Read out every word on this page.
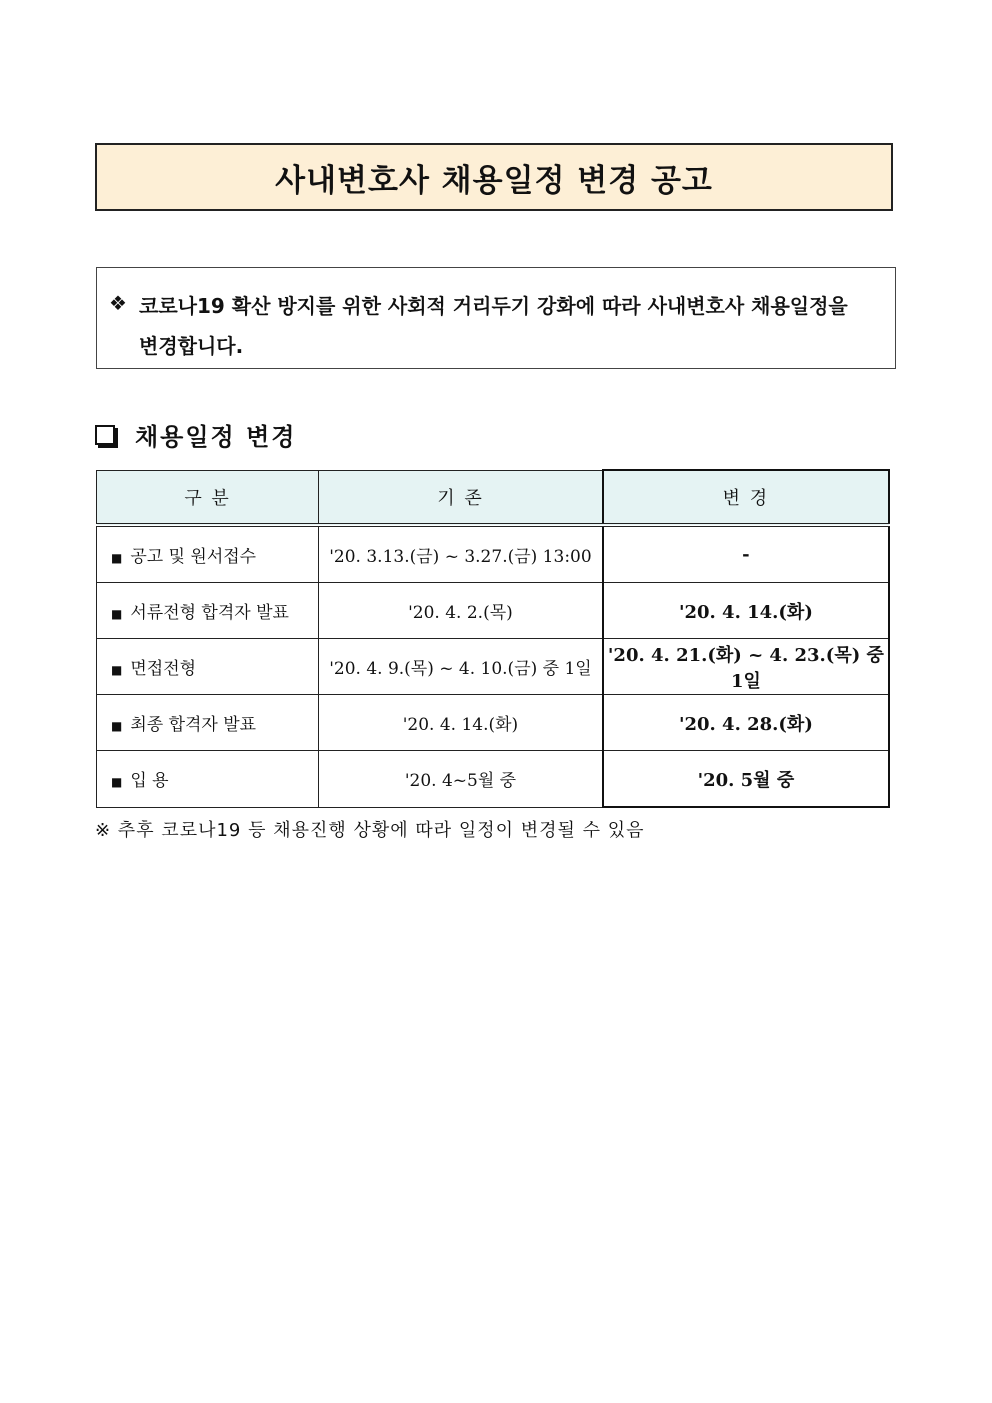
사내변호사 채용일정 변경 공고
❖ 코로나19 확산 방지를 위한 사회적 거리두기 강화에 따라 사내변호사 채용일정을
변경합니다.
채용일정 변경
구 분	기 존	변 경
■ 공고 및 원서접수	'20. 3.13.(금) ~ 3.27.(금) 13:00	-
■ 서류전형 합격자 발표	'20. 4. 2.(목)	'20. 4. 14.(화)
■ 면접전형	'20. 4. 9.(목) ~ 4. 10.(금) 중 1일	'20. 4. 21.(화) ~ 4. 23.(목) 중 1일
■ 최종 합격자 발표	'20. 4. 14.(화)	'20. 4. 28.(화)
■ 입 용	'20. 4~5월 중	'20. 5월 중
※ 추후 코로나19 등 채용진행 상황에 따라 일정이 변경될 수 있음
